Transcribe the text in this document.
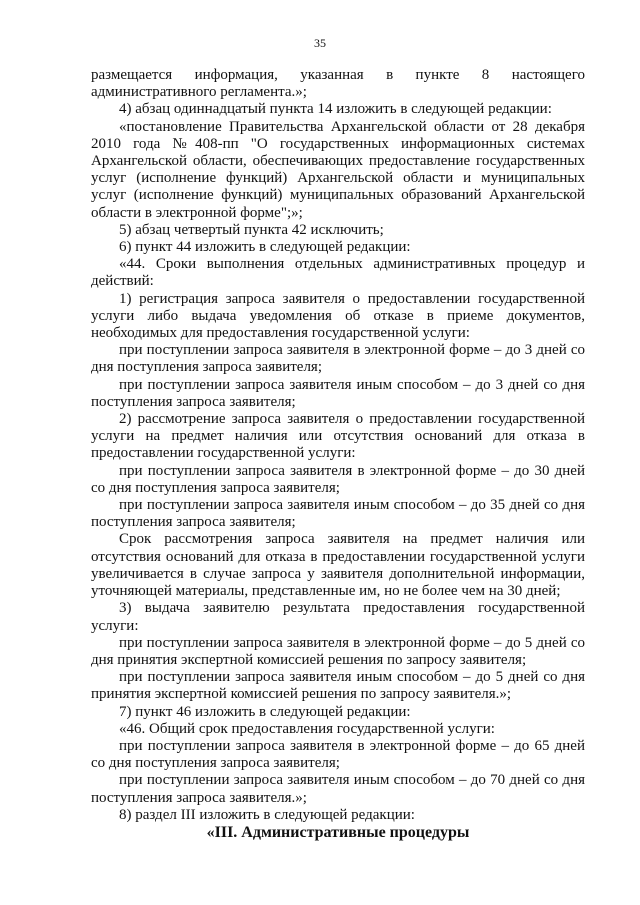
35

размещается информация, указанная в пункте 8 настоящего административного регламента.»;

4) абзац одиннадцатый пункта 14 изложить в следующей редакции:

«постановление Правительства Архангельской области от 28 декабря 2010 года №408-пп "О государственных информационных системах Архангельской области, обеспечивающих предоставление государственных услуг (исполнение функций) Архангельской области и муниципальных услуг (исполнение функций) муниципальных образований Архангельской области в электронной форме";»;

5) абзац четвертый пункта 42 исключить;

6) пункт 44 изложить в следующей редакции:

«44. Сроки выполнения отдельных административных процедур и действий:

1) регистрация запроса заявителя о предоставлении государственной услуги либо выдача уведомления об отказе в приеме документов, необходимых для предоставления государственной услуги:

при поступлении запроса заявителя в электронной форме – до 3 дней со дня поступления запроса заявителя;

при поступлении запроса заявителя иным способом – до 3 дней со дня поступления запроса заявителя;

2) рассмотрение запроса заявителя о предоставлении государственной услуги на предмет наличия или отсутствия оснований для отказа в предоставлении государственной услуги:

при поступлении запроса заявителя в электронной форме – до 30 дней со дня поступления запроса заявителя;

при поступлении запроса заявителя иным способом – до 35 дней со дня поступления запроса заявителя;

Срок рассмотрения запроса заявителя на предмет наличия или отсутствия оснований для отказа в предоставлении государственной услуги увеличивается в случае запроса у заявителя дополнительной информации, уточняющей материалы, представленные им, но не более чем на 30 дней;

3) выдача заявителю результата предоставления государственной услуги:

при поступлении запроса заявителя в электронной форме – до 5 дней со дня принятия экспертной комиссией решения по запросу заявителя;

при поступлении запроса заявителя иным способом – до 5 дней со дня принятия экспертной комиссией решения по запросу заявителя.»;

7) пункт 46 изложить в следующей редакции:

«46. Общий срок предоставления государственной услуги:

при поступлении запроса заявителя в электронной форме – до 65 дней со дня поступления запроса заявителя;

при поступлении запроса заявителя иным способом – до 70 дней со дня поступления запроса заявителя.»;

8) раздел III изложить в следующей редакции:

«III. Административные процедуры
